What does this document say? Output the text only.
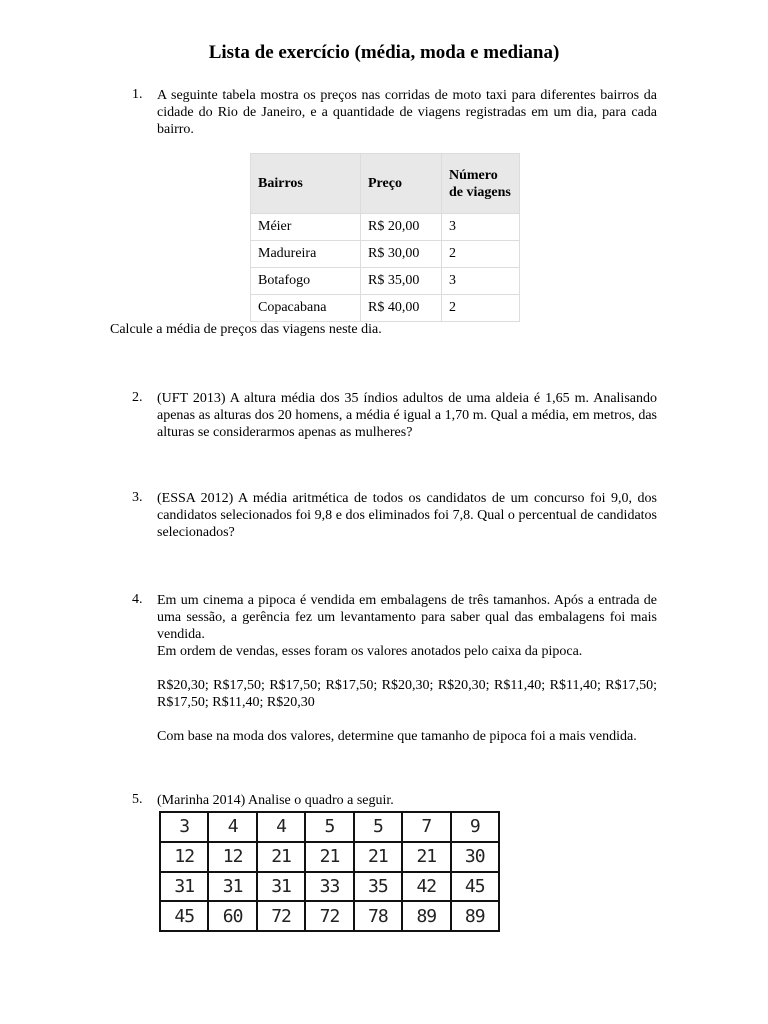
Lista de exercício (média, moda e mediana)
1. A seguinte tabela mostra os preços nas corridas de moto taxi para diferentes bairros da cidade do Rio de Janeiro, e a quantidade de viagens registradas em um dia, para cada bairro.
Bairros	Preço	Número de viagens
Méier	R$ 20,00	3
Madureira	R$ 30,00	2
Botafogo	R$ 35,00	3
Copacabana	R$ 40,00	2
Calcule a média de preços das viagens neste dia.
2. (UFT 2013) A altura média dos 35 índios adultos de uma aldeia é 1,65 m. Analisando apenas as alturas dos 20 homens, a média é igual a 1,70 m. Qual a média, em metros, das alturas se considerarmos apenas as mulheres?
3. (ESSA 2012) A média aritmética de todos os candidatos de um concurso foi 9,0, dos candidatos selecionados foi 9,8 e dos eliminados foi 7,8. Qual o percentual de candidatos selecionados?
4. Em um cinema a pipoca é vendida em embalagens de três tamanhos. Após a entrada de uma sessão, a gerência fez um levantamento para saber qual das embalagens foi mais vendida.
Em ordem de vendas, esses foram os valores anotados pelo caixa da pipoca.
R$20,30; R$17,50; R$17,50; R$17,50; R$20,30; R$20,30; R$11,40; R$11,40; R$17,50; R$17,50; R$11,40; R$20,30
Com base na moda dos valores, determine que tamanho de pipoca foi a mais vendida.
5. (Marinha 2014) Analise o quadro a seguir.
3	4	4	5	5	7	9
12	12	21	21	21	21	30
31	31	31	33	35	42	45
45	60	72	72	78	89	89
